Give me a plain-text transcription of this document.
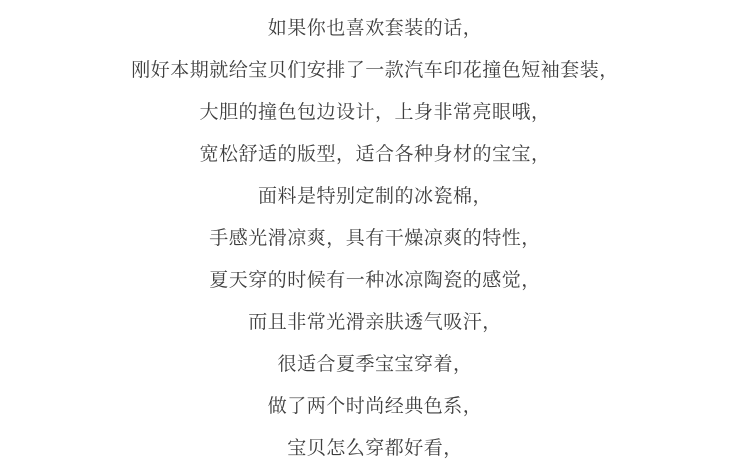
如果你也喜欢套装的话，
刚好本期就给宝贝们安排了一款汽车印花撞色短袖套装，
大胆的撞色包边设计，上身非常亮眼哦，
宽松舒适的版型，适合各种身材的宝宝，
面料是特别定制的冰瓷棉，
手感光滑凉爽，具有干燥凉爽的特性，
夏天穿的时候有一种冰凉陶瓷的感觉，
而且非常光滑亲肤透气吸汗，
很适合夏季宝宝穿着，
做了两个时尚经典色系，
宝贝怎么穿都好看，
